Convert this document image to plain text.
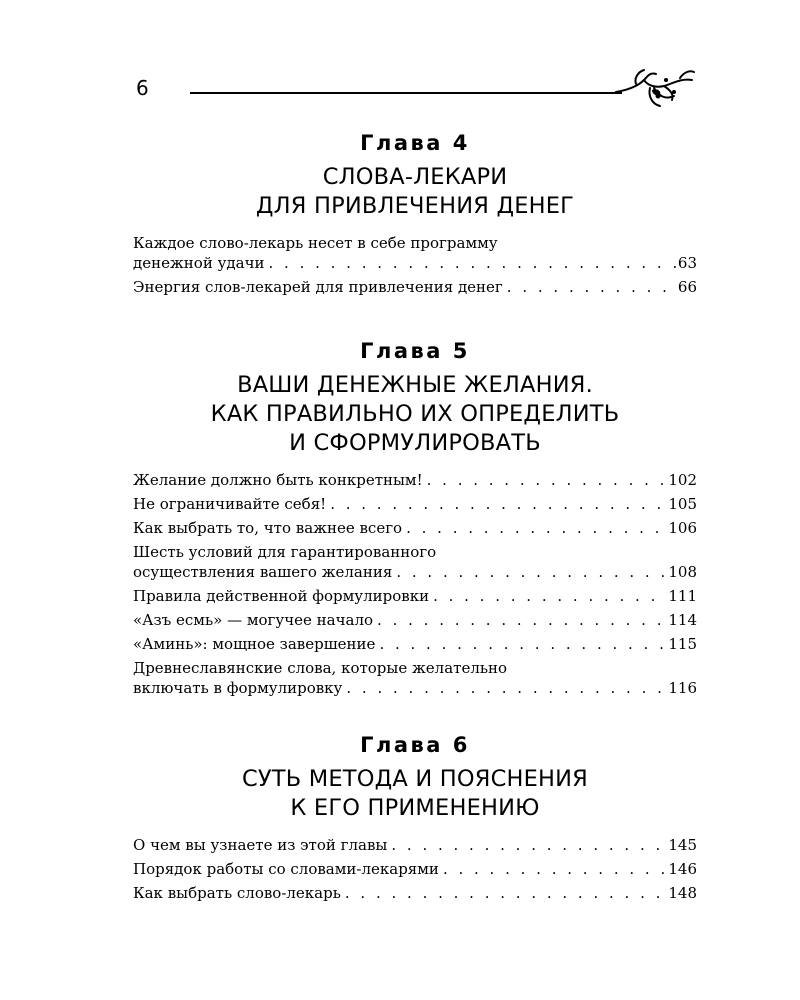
6
Глава 4
СЛОВА-ЛЕКАРИ
ДЛЯ ПРИВЛЕЧЕНИЯ ДЕНЕГ
Каждое слово-лекарь несет в себе программу
денежной удачи . . .	63
Энергия слов-лекарей для привлечения денег . . .	66
Глава 5
ВАШИ ДЕНЕЖНЫЕ ЖЕЛАНИЯ.
КАК ПРАВИЛЬНО ИХ ОПРЕДЕЛИТЬ
И СФОРМУЛИРОВАТЬ
Желание должно быть конкретным! . . .	102
Не ограничивайте себя! . . .	105
Как выбрать то, что важнее всего . . .	106
Шесть условий для гарантированного
осуществления вашего желания . . .	108
Правила действенной формулировки . . .	111
«Азъ есмь» — могучее начало . . .	114
«Аминь»: мощное завершение . . .	115
Древнеславянские слова, которые желательно
включать в формулировку . . .	116
Глава 6
СУТЬ МЕТОДА И ПОЯСНЕНИЯ
К ЕГО ПРИМЕНЕНИЮ
О чем вы узнаете из этой главы . . .	145
Порядок работы со словами-лекарями . . .	146
Как выбрать слово-лекарь . . .	148
